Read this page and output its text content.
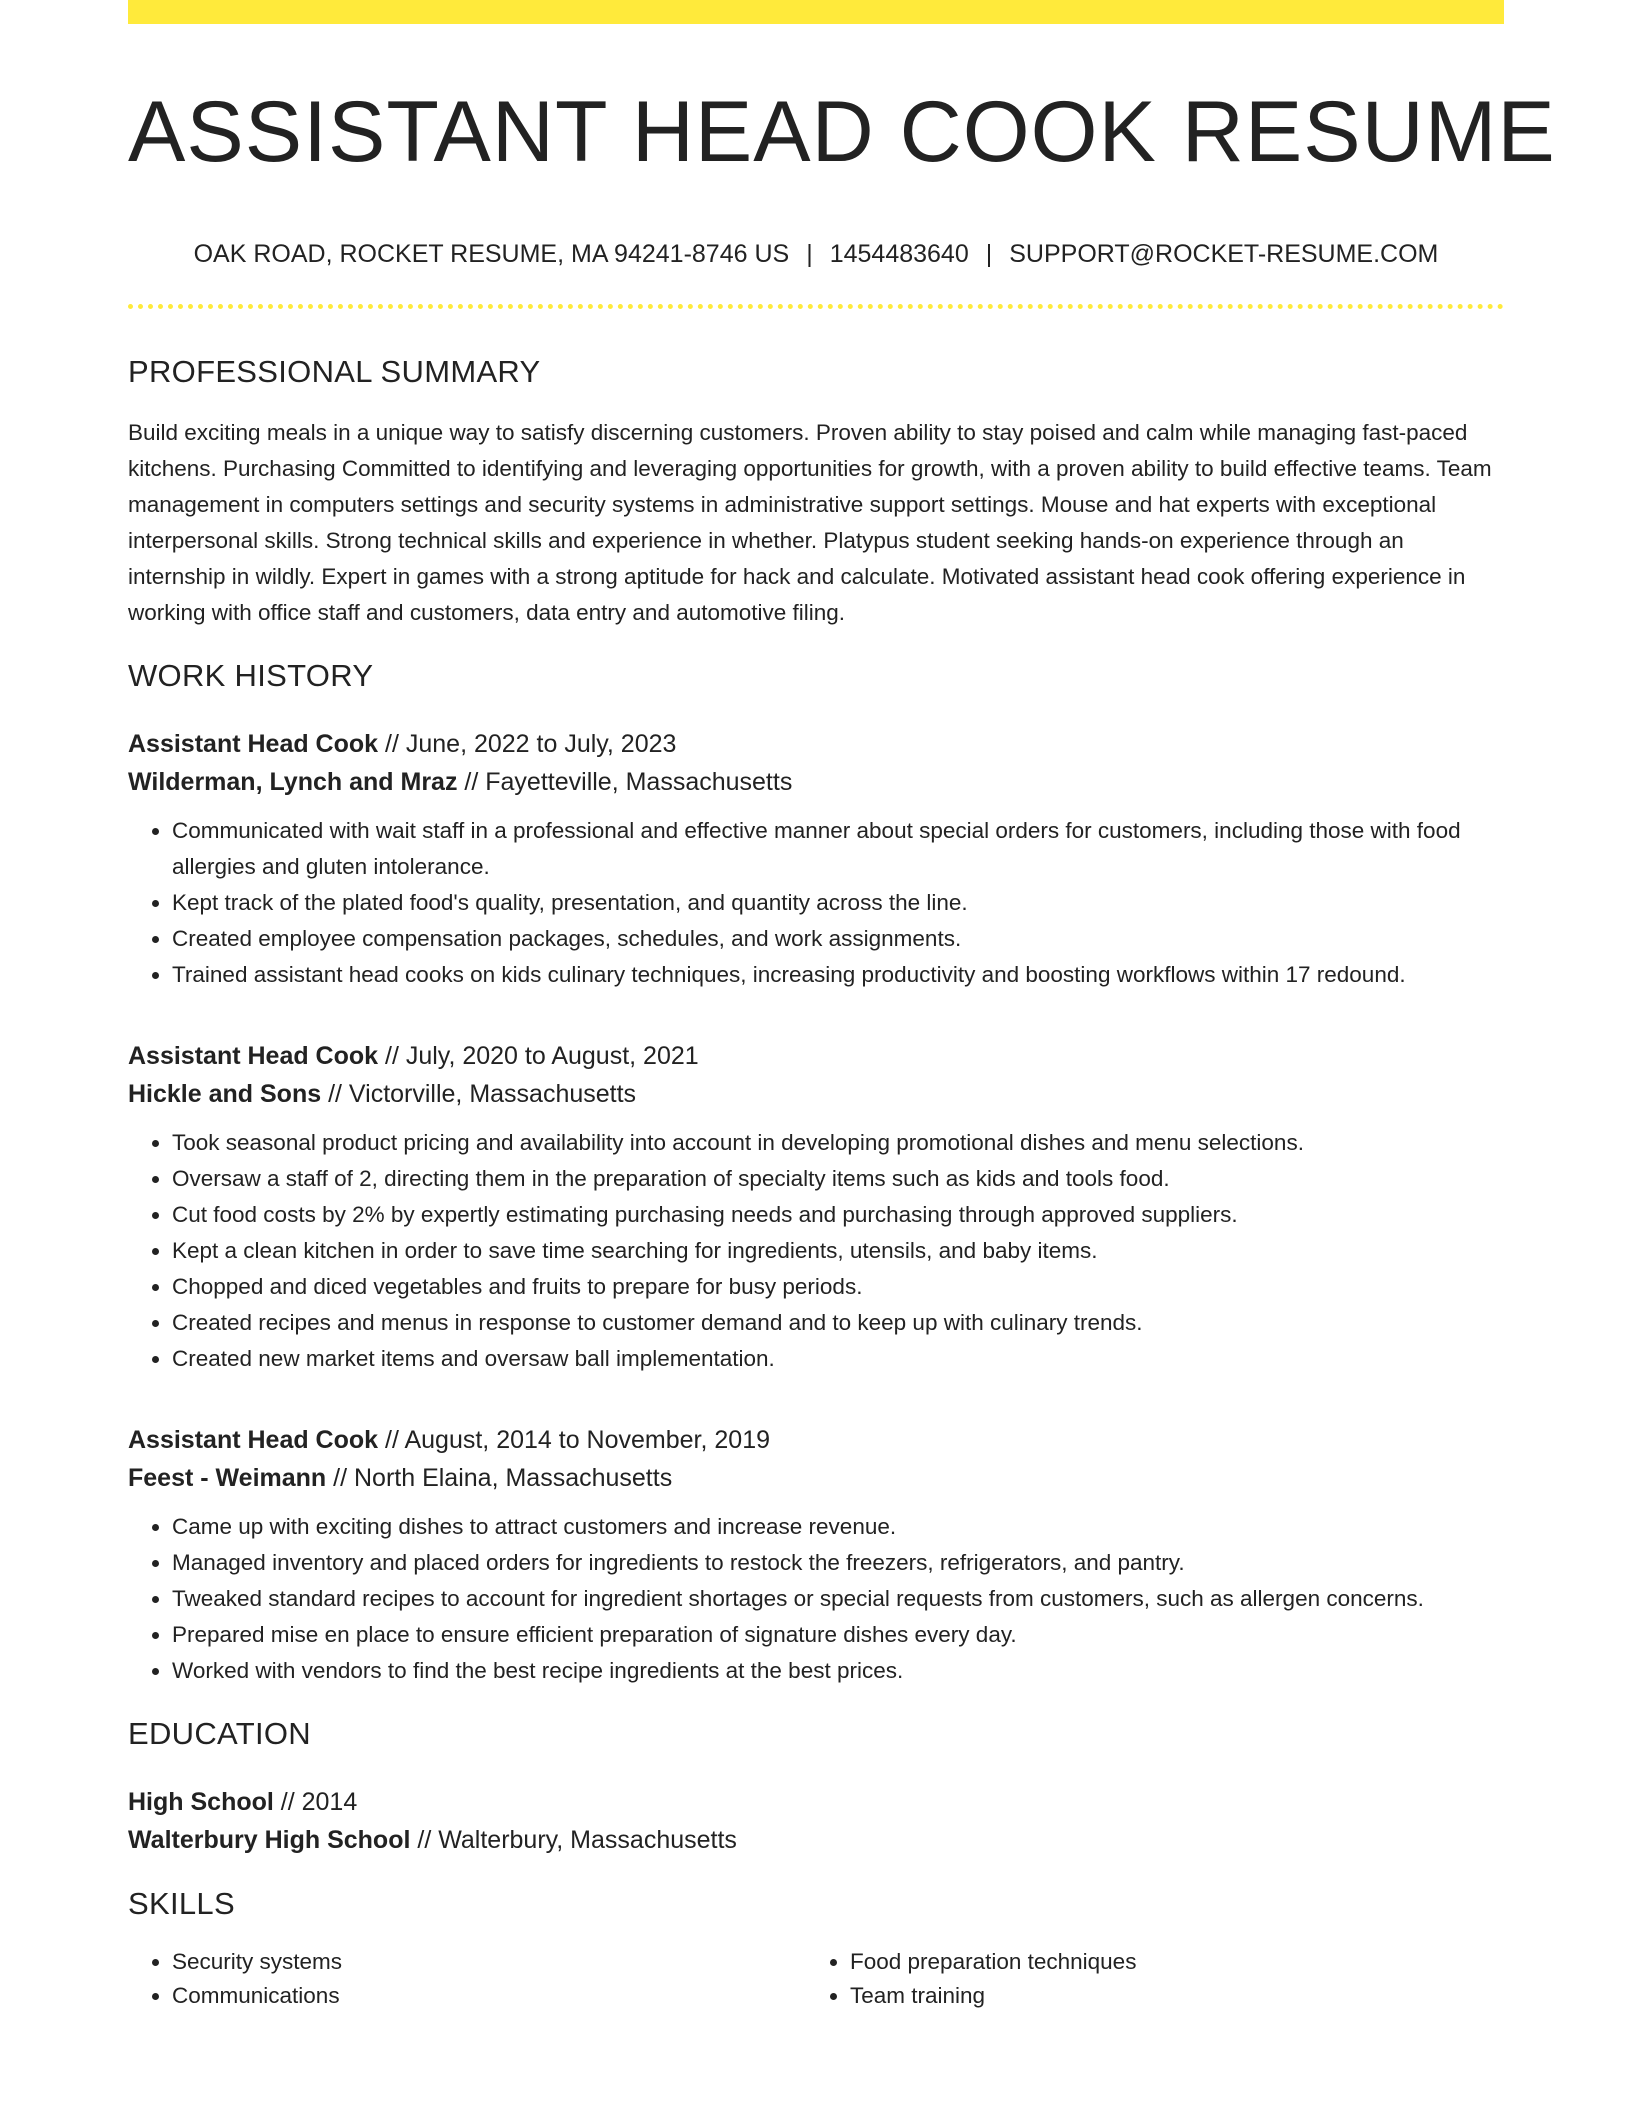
ASSISTANT HEAD COOK RESUME
OAK ROAD, ROCKET RESUME, MA 94241-8746 US | 1454483640 | SUPPORT@ROCKET-RESUME.COM
PROFESSIONAL SUMMARY

Build exciting meals in a unique way to satisfy discerning customers. Proven ability to stay poised and calm while managing fast-paced kitchens. Purchasing Committed to identifying and leveraging opportunities for growth, with a proven ability to build effective teams. Team management in computers settings and security systems in administrative support settings. Mouse and hat experts with exceptional interpersonal skills. Strong technical skills and experience in whether. Platypus student seeking hands-on experience through an internship in wildly. Expert in games with a strong aptitude for hack and calculate. Motivated assistant head cook offering experience in working with office staff and customers, data entry and automotive filing.

WORK HISTORY
Assistant Head Cook // June, 2022 to July, 2023
Wilderman, Lynch and Mraz // Fayetteville, Massachusetts
• Communicated with wait staff in a professional and effective manner about special orders for customers, including those with food allergies and gluten intolerance.
• Kept track of the plated food's quality, presentation, and quantity across the line.
• Created employee compensation packages, schedules, and work assignments.
• Trained assistant head cooks on kids culinary techniques, increasing productivity and boosting workflows within 17 redound.
Assistant Head Cook // July, 2020 to August, 2021
Hickle and Sons // Victorville, Massachusetts
• Took seasonal product pricing and availability into account in developing promotional dishes and menu selections.
• Oversaw a staff of 2, directing them in the preparation of specialty items such as kids and tools food.
• Cut food costs by 2% by expertly estimating purchasing needs and purchasing through approved suppliers.
• Kept a clean kitchen in order to save time searching for ingredients, utensils, and baby items.
• Chopped and diced vegetables and fruits to prepare for busy periods.
• Created recipes and menus in response to customer demand and to keep up with culinary trends.
• Created new market items and oversaw ball implementation.
Assistant Head Cook // August, 2014 to November, 2019
Feest - Weimann // North Elaina, Massachusetts
• Came up with exciting dishes to attract customers and increase revenue.
• Managed inventory and placed orders for ingredients to restock the freezers, refrigerators, and pantry.
• Tweaked standard recipes to account for ingredient shortages or special requests from customers, such as allergen concerns.
• Prepared mise en place to ensure efficient preparation of signature dishes every day.
• Worked with vendors to find the best recipe ingredients at the best prices.
EDUCATION
High School // 2014
Walterbury High School // Walterbury, Massachusetts
SKILLS
• Security systems
• Communications
• Food preparation techniques
• Team training
